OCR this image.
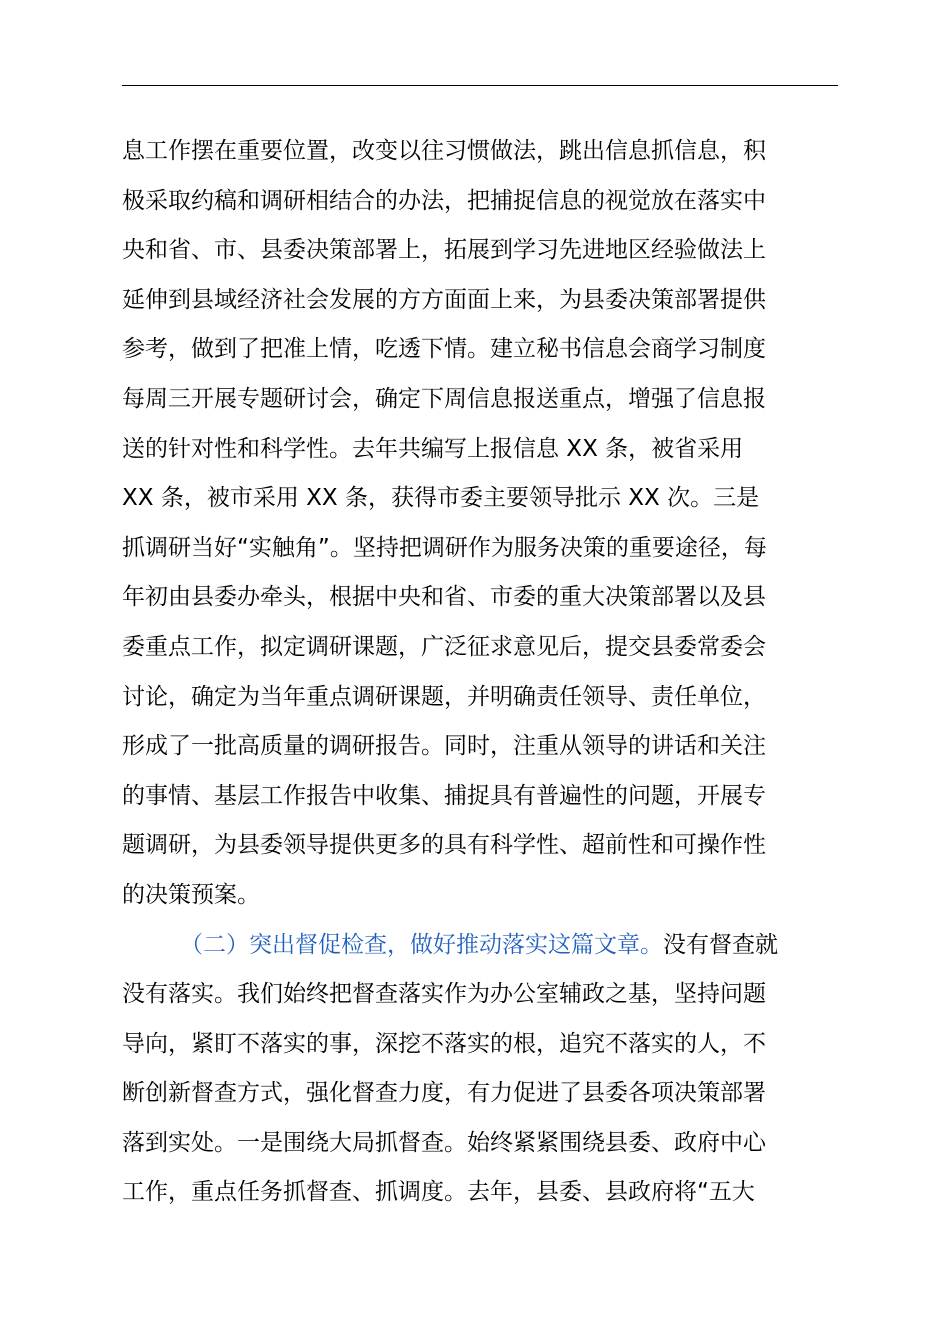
息工作摆在重要位置，改变以往习惯做法，跳出信息抓信息，积
极采取约稿和调研相结合的办法，把捕捉信息的视觉放在落实中
央和省、市、县委决策部署上，拓展到学习先进地区经验做法上
延伸到县域经济社会发展的方方面面上来，为县委决策部署提供
参考，做到了把准上情，吃透下情。建立秘书信息会商学习制度
每周三开展专题研讨会，确定下周信息报送重点，增强了信息报
送的针对性和科学性。去年共编写上报信息 XX 条，被省采用
XX 条，被市采用 XX 条，获得市委主要领导批示 XX 次。三是
抓调研当好“实触角”。坚持把调研作为服务决策的重要途径，每
年初由县委办牵头，根据中央和省、市委的重大决策部署以及县
委重点工作，拟定调研课题，广泛征求意见后，提交县委常委会
讨论，确定为当年重点调研课题，并明确责任领导、责任单位，
形成了一批高质量的调研报告。同时，注重从领导的讲话和关注
的事情、基层工作报告中收集、捕捉具有普遍性的问题，开展专
题调研，为县委领导提供更多的具有科学性、超前性和可操作性
的决策预案。
（二）突出督促检查，做好推动落实这篇文章。没有督查就
没有落实。我们始终把督查落实作为办公室辅政之基，坚持问题
导向，紧盯不落实的事，深挖不落实的根，追究不落实的人，不
断创新督查方式，强化督查力度，有力促进了县委各项决策部署
落到实处。一是围绕大局抓督查。始终紧紧围绕县委、政府中心
工作，重点任务抓督查、抓调度。去年，县委、县政府将“五大
